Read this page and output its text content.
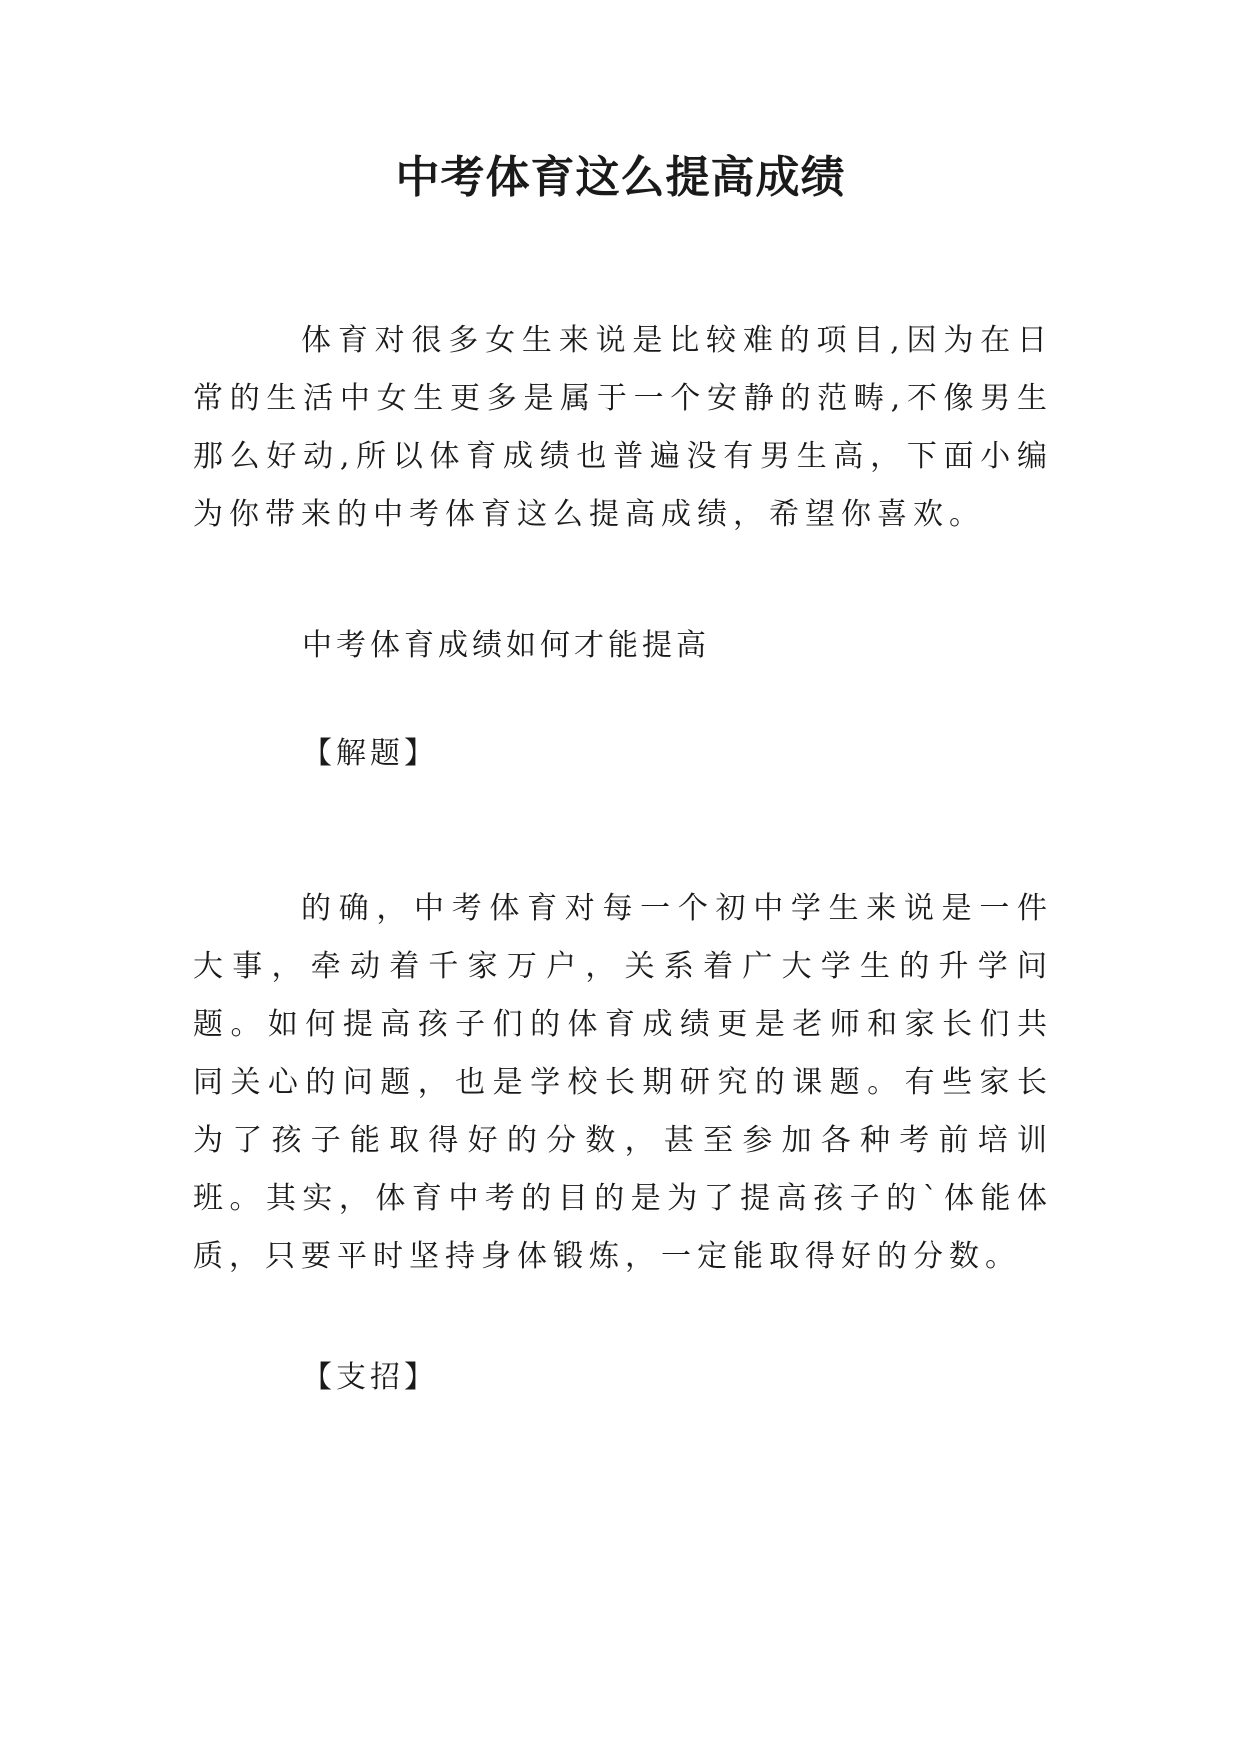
中考体育这么提高成绩

体育对很多女生来说是比较难的项目,因为在日常的生活中女生更多是属于一个安静的范畴,不像男生那么好动,所以体育成绩也普遍没有男生高，下面小编为你带来的中考体育这么提高成绩，希望你喜欢。

中考体育成绩如何才能提高
【解题】

的确，中考体育对每一个初中学生来说是一件大事，牵动着千家万户，关系着广大学生的升学问题。如何提高孩子们的体育成绩更是老师和家长们共同关心的问题，也是学校长期研究的课题。有些家长为了孩子能取得好的分数，甚至参加各种考前培训班。其实，体育中考的目的是为了提高孩子的`体能体质，只要平时坚持身体锻炼，一定能取得好的分数。

【支招】
